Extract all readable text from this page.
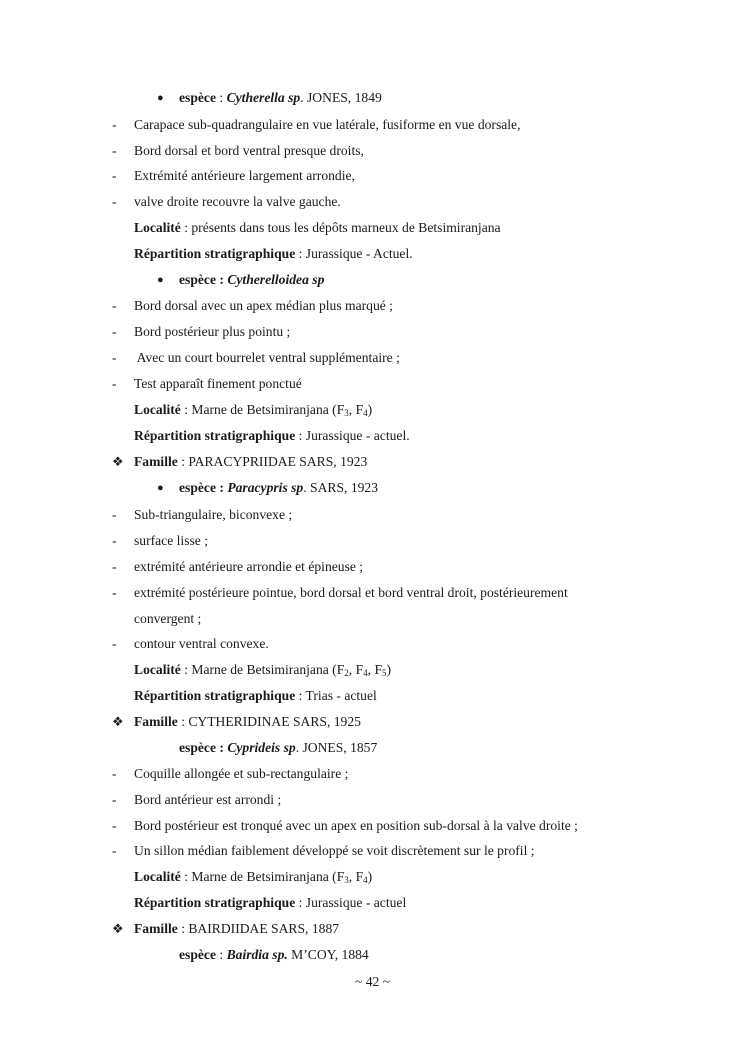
● espèce : Cytherella sp. JONES, 1849
- Carapace sub-quadrangulaire en vue latérale, fusiforme en vue dorsale,
- Bord dorsal et bord ventral presque droits,
- Extrémité antérieure largement arrondie,
- valve droite recouvre la valve gauche.
Localité : présents dans tous les dépôts marneux de Betsimiranjana
Répartition stratigraphique : Jurassique - Actuel.
● espèce : Cytherelloidea sp
- Bord dorsal avec un apex médian plus marqué ;
- Bord postérieur plus pointu ;
- Avec un court bourrelet ventral supplémentaire ;
- Test apparaît finement ponctué
Localité : Marne de Betsimiranjana ($F_3$, $F_4$)
Répartition stratigraphique : Jurassique - actuel.
❖ Famille : PARACYPRIIDAE SARS, 1923
● espèce : Paracypris sp. SARS, 1923
- Sub-triangulaire, biconvexe ;
- surface lisse ;
- extrémité antérieure arrondie et épineuse ;
- extrémité postérieure pointue, bord dorsal et bord ventral droit, postérieurement
convergent ;
- contour ventral convexe.
Localité : Marne de Betsimiranjana ($F_2$, $F_4$, $F_5$)
Répartition stratigraphique : Trias - actuel
❖ Famille : CYTHERIDINAE SARS, 1925
espèce : Cyprideis sp. JONES, 1857
- Coquille allongée et sub-rectangulaire ;
- Bord antérieur est arrondi ;
- Bord postérieur est tronqué avec un apex en position sub-dorsal à la valve droite ;
- Un sillon médian faiblement développé se voit discrètement sur le profil ;
Localité : Marne de Betsimiranjana ($F_3$, $F_4$)
Répartition stratigraphique : Jurassique - actuel
❖ Famille : BAIRDIIDAE SARS, 1887
espèce : Bairdia sp. M’COY, 1884
~ 42 ~
